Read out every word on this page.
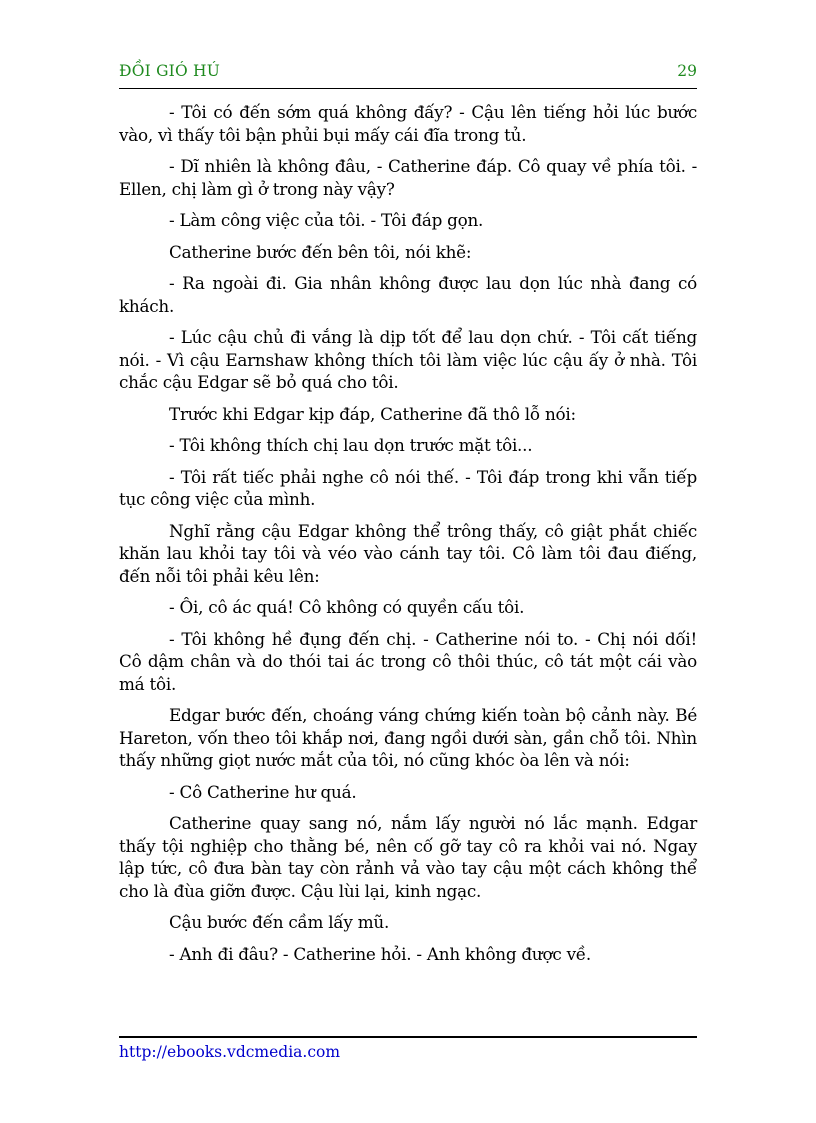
ĐỒI GIÓ HÚ	29

- Tôi có đến sớm quá không đấy? - Cậu lên tiếng hỏi lúc bước vào, vì thấy tôi bận phủi bụi mấy cái đĩa trong tủ.

- Dĩ nhiên là không đâu, - Catherine đáp. Cô quay về phía tôi. - Ellen, chị làm gì ở trong này vậy?

- Làm công việc của tôi. - Tôi đáp gọn.

Catherine bước đến bên tôi, nói khẽ:

- Ra ngoài đi. Gia nhân không được lau dọn lúc nhà đang có khách.

- Lúc cậu chủ đi vắng là dịp tốt để lau dọn chứ. - Tôi cất tiếng nói. - Vì cậu Earnshaw không thích tôi làm việc lúc cậu ấy ở nhà. Tôi chắc cậu Edgar sẽ bỏ quá cho tôi.

Trước khi Edgar kịp đáp, Catherine đã thô lỗ nói:

- Tôi không thích chị lau dọn trước mặt tôi...

- Tôi rất tiếc phải nghe cô nói thế. - Tôi đáp trong khi vẫn tiếp tục công việc của mình.

Nghĩ rằng cậu Edgar không thể trông thấy, cô giật phắt chiếc khăn lau khỏi tay tôi và véo vào cánh tay tôi. Cô làm tôi đau điếng, đến nỗi tôi phải kêu lên:

- Ôi, cô ác quá! Cô không có quyền cấu tôi.

- Tôi không hề đụng đến chị. - Catherine nói to. - Chị nói dối! Cô dậm chân và do thói tai ác trong cô thôi thúc, cô tát một cái vào má tôi.

Edgar bước đến, choáng váng chứng kiến toàn bộ cảnh này. Bé Hareton, vốn theo tôi khắp nơi, đang ngồi dưới sàn, gần chỗ tôi. Nhìn thấy những giọt nước mắt của tôi, nó cũng khóc òa lên và nói:

- Cô Catherine hư quá.

Catherine quay sang nó, nắm lấy người nó lắc mạnh. Edgar thấy tội nghiệp cho thằng bé, nên cố gỡ tay cô ra khỏi vai nó. Ngay lập tức, cô đưa bàn tay còn rảnh vả vào tay cậu một cách không thể cho là đùa giỡn được. Cậu lùi lại, kinh ngạc.

Cậu bước đến cầm lấy mũ.

- Anh đi đâu? - Catherine hỏi. - Anh không được về.

http://ebooks.vdcmedia.com
